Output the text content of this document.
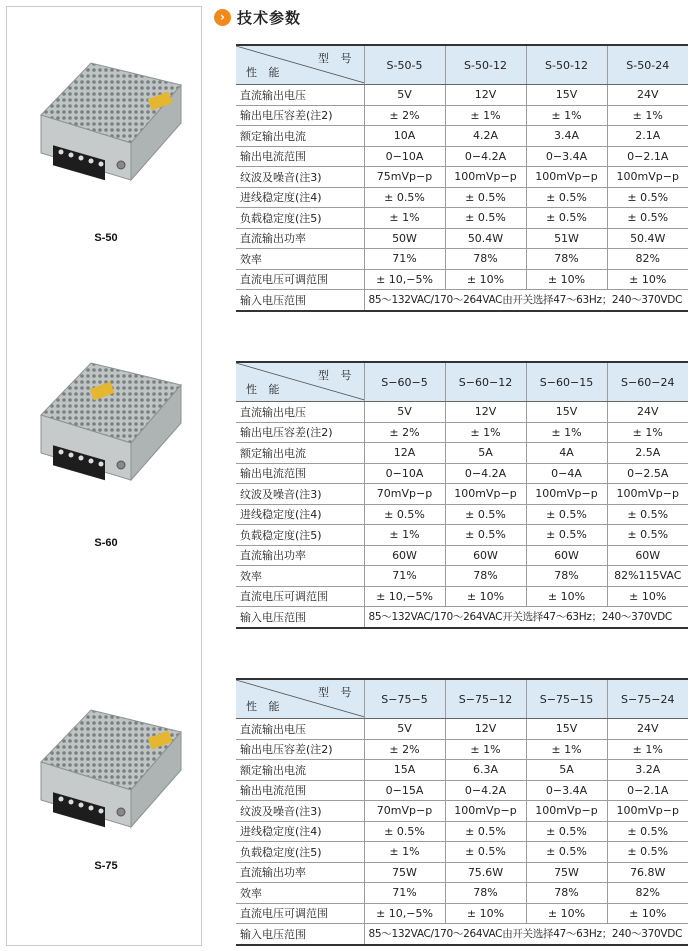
S-50
S-60
S-75
› 技术参数
型 号
性 能	S-50-5	S-50-12	S-50-12	S-50-24
直流输出电压	5V	12V	15V	24V
输出电压容差(注2)	± 2%	± 1%	± 1%	± 1%
额定输出电流	10A	4.2A	3.4A	2.1A
输出电流范围	0−10A	0−4.2A	0−3.4A	0−2.1A
纹波及噪音(注3)	75mVp−p	100mVp−p	100mVp−p	100mVp−p
进线稳定度(注4)	± 0.5%	± 0.5%	± 0.5%	± 0.5%
负载稳定度(注5)	± 1%	± 0.5%	± 0.5%	± 0.5%
直流输出功率	50W	50.4W	51W	50.4W
效率	71%	78%	78%	82%
直流电压可调范围	± 10,−5%	± 10%	± 10%	± 10%
输入电压范围	85～132VAC/170～264VAC由开关选择47～63Hz；240～370VDC			
型 号
性 能	S−60−5	S−60−12	S−60−15	S−60−24
直流输出电压	5V	12V	15V	24V
输出电压容差(注2)	± 2%	± 1%	± 1%	± 1%
额定输出电流	12A	5A	4A	2.5A
输出电流范围	0−10A	0−4.2A	0−4A	0−2.5A
纹波及噪音(注3)	70mVp−p	100mVp−p	100mVp−p	100mVp−p
进线稳定度(注4)	± 0.5%	± 0.5%	± 0.5%	± 0.5%
负载稳定度(注5)	± 1%	± 0.5%	± 0.5%	± 0.5%
直流输出功率	60W	60W	60W	60W
效率	71%	78%	78%	82%115VAC
直流电压可调范围	± 10,−5%	± 10%	± 10%	± 10%
输入电压范围	85～132VAC/170～264VAC开关选择47～63Hz；240～370VDC			
型 号
性 能	S−75−5	S−75−12	S−75−15	S−75−24
直流输出电压	5V	12V	15V	24V
输出电压容差(注2)	± 2%	± 1%	± 1%	± 1%
额定输出电流	15A	6.3A	5A	3.2A
输出电流范围	0−15A	0−4.2A	0−3.4A	0−2.1A
纹波及噪音(注3)	70mVp−p	100mVp−p	100mVp−p	100mVp−p
进线稳定度(注4)	± 0.5%	± 0.5%	± 0.5%	± 0.5%
负载稳定度(注5)	± 1%	± 0.5%	± 0.5%	± 0.5%
直流输出功率	75W	75.6W	75W	76.8W
效率	71%	78%	78%	82%
直流电压可调范围	± 10,−5%	± 10%	± 10%	± 10%
输入电压范围	85～132VAC/170～264VAC由开关选择47～63Hz；240～370VDC			
